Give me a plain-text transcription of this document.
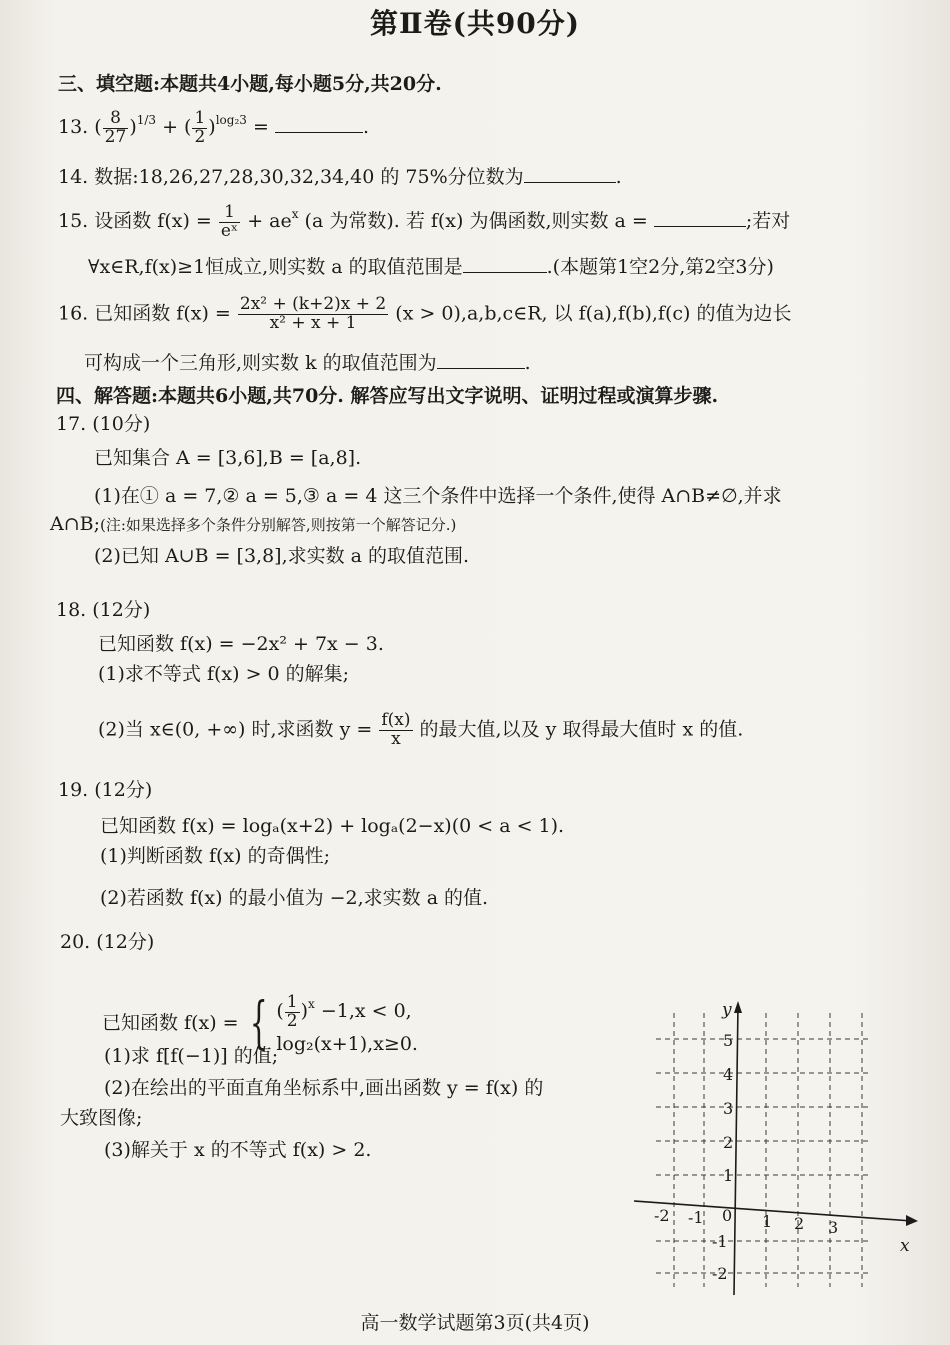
第Ⅱ卷(共90分)
三、填空题:本题共4小题,每小题5分,共20分.
13. ( $\frac{8}{27} )^{1/3}$ + ( $\frac{1}{2} )^{log_23}$ =	.
14. 数据:18,26,27,28,30,32,34,40 的 75%分位数为	.
15. 设函数 $f(x) = \frac{1}{\text{eˣ}} + ae^x$ (a 为常数). 若 f(x) 为偶函数,则实数 a =	;若对
∀x∈R,f(x)≥1恒成立,则实数 a 的取值范围是	.(本题第1空2分,第2空3分)
16. 已知函数 $f(x) = \frac{\text{2x² + (k+2)x + 2}}{\text{x² + x + 1}} (x$ > 0),a,b,c∈R, 以 f(a),f(b),f(c) 的值为边长
可构成一个三角形,则实数 k 的取值范围为	.
四、解答题:本题共6小题,共70分. 解答应写出文字说明、证明过程或演算步骤.
17. (10分)
已知集合 A = [3,6],B = [a,8].
(1)在① a = 7,② a = 5,③ a = 4 这三个条件中选择一个条件,使得 A∩B≠∅,并求
A∩B;(注:如果选择多个条件分别解答,则按第一个解答记分.)
(2)已知 A∪B = [3,8],求实数 a 的取值范围.
18. (12分)
已知函数 f(x) = −2x² + 7x − 3.
(1)求不等式 f(x) > 0 的解集;
(2)当 x∈(0, +∞) 时,求函数 $y = \frac{f(x)}{x}$ 的最大值,以及 y 取得最大值时 x 的值.
19. (12分)
已知函数 f(x) = logₐ(x+2) + logₐ(2−x)(0 < a < 1).
(1)判断函数 f(x) 的奇偶性;
(2)若函数 f(x) 的最小值为 −2,求实数 a 的值.
20. (12分)
已知函数 f(x) = { ( $\frac{1}{2} )^x -1,x < 0$,
log₂(x+1),x≥0.
(1)求 f[f(−1)] 的值;
(2)在绘出的平面直角坐标系中,画出函数 y = f(x) 的
大致图像;
(3)解关于 x 的不等式 f(x) > 2.
y
x
0
5
4
3
2
1
-1
-2
-2 -1	1 2 3
高一数学试题第3页(共4页)
